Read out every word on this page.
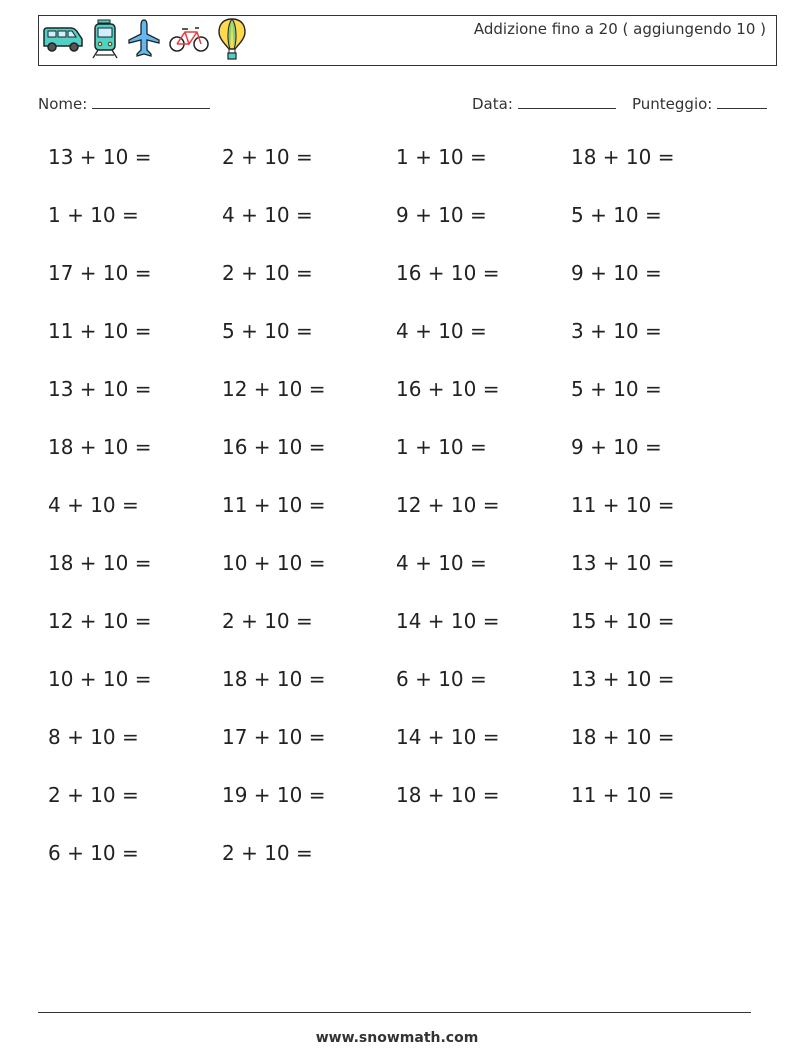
Addizione fino a 20 ( aggiungendo 10 )
Nome:	Data:	Punteggio:
13 + 10 =	2 + 10 =	1 + 10 =	18 + 10 =
1 + 10 =	4 + 10 =	9 + 10 =	5 + 10 =
17 + 10 =	2 + 10 =	16 + 10 =	9 + 10 =
11 + 10 =	5 + 10 =	4 + 10 =	3 + 10 =
13 + 10 =	12 + 10 =	16 + 10 =	5 + 10 =
18 + 10 =	16 + 10 =	1 + 10 =	9 + 10 =
4 + 10 =	11 + 10 =	12 + 10 =	11 + 10 =
18 + 10 =	10 + 10 =	4 + 10 =	13 + 10 =
12 + 10 =	2 + 10 =	14 + 10 =	15 + 10 =
10 + 10 =	18 + 10 =	6 + 10 =	13 + 10 =
8 + 10 =	17 + 10 =	14 + 10 =	18 + 10 =
2 + 10 =	19 + 10 =	18 + 10 =	11 + 10 =
6 + 10 =	2 + 10 =
www.snowmath.com
